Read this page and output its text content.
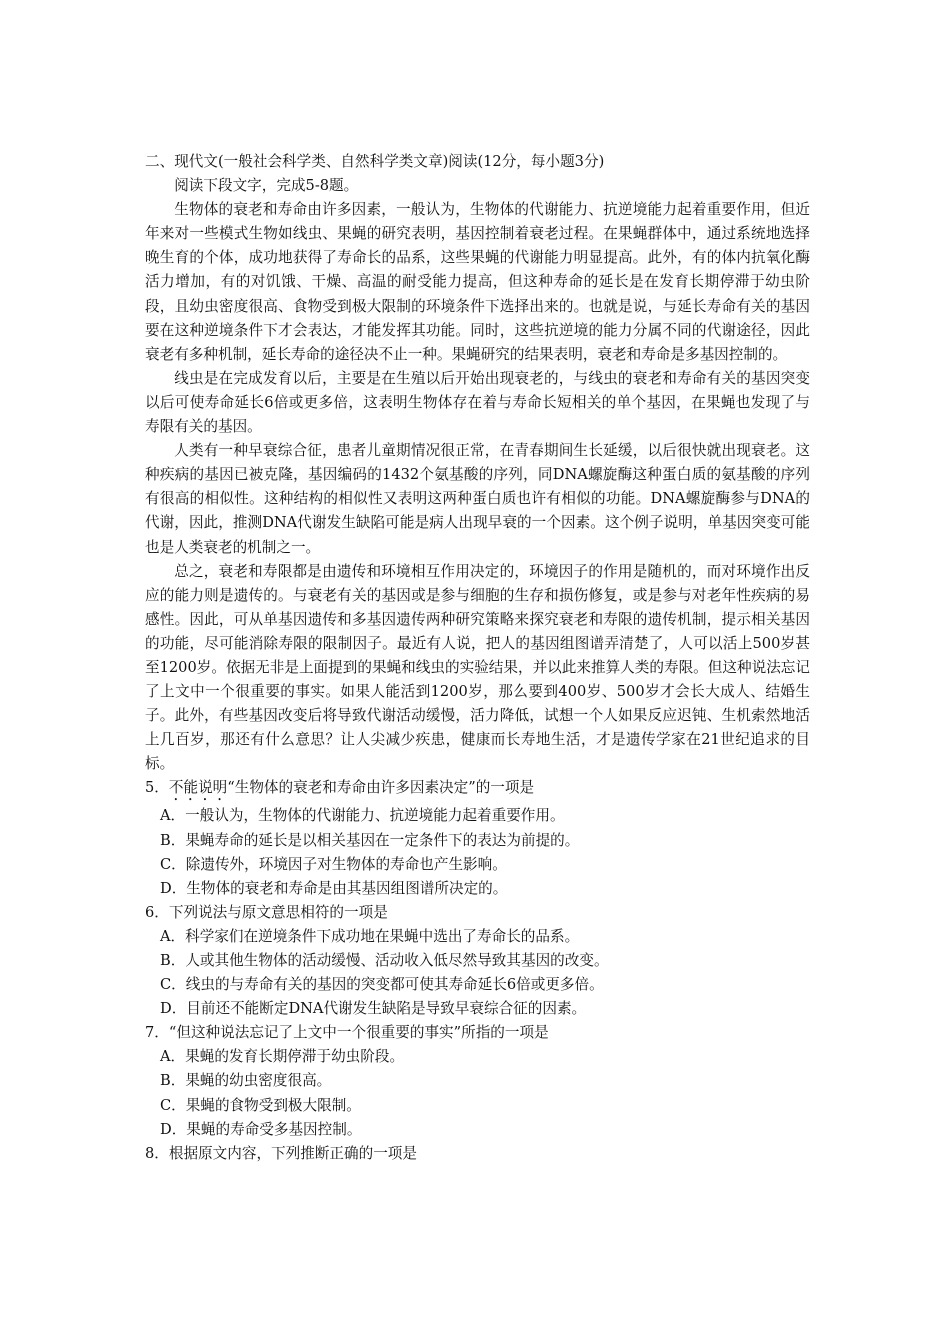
二、现代文(一般社会科学类、自然科学类文章)阅读(12分，每小题3分)
阅读下段文字，完成5-8题。
生物体的衰老和寿命由许多因素，一般认为，生物体的代谢能力、抗逆境能力起着重要作用，但近年来对一些模式生物如线虫、果蝇的研究表明，基因控制着衰老过程。在果蝇群体中，通过系统地选择晚生育的个体，成功地获得了寿命长的品系，这些果蝇的代谢能力明显提高。此外，有的体内抗氧化酶活力增加，有的对饥饿、干燥、高温的耐受能力提高，但这种寿命的延长是在发育长期停滞于幼虫阶段，且幼虫密度很高、食物受到极大限制的环境条件下选择出来的。也就是说，与延长寿命有关的基因要在这种逆境条件下才会表达，才能发挥其功能。同时，这些抗逆境的能力分属不同的代谢途径，因此衰老有多种机制，延长寿命的途径决不止一种。果蝇研究的结果表明，衰老和寿命是多基因控制的。
线虫是在完成发育以后，主要是在生殖以后开始出现衰老的，与线虫的衰老和寿命有关的基因突变以后可使寿命延长6倍或更多倍，这表明生物体存在着与寿命长短相关的单个基因，在果蝇也发现了与寿限有关的基因。
人类有一种早衰综合征，患者儿童期情况很正常，在青春期间生长延缓，以后很快就出现衰老。这种疾病的基因已被克隆，基因编码的1432个氨基酸的序列，同DNA螺旋酶这种蛋白质的氨基酸的序列有很高的相似性。这种结构的相似性又表明这两种蛋白质也许有相似的功能。DNA螺旋酶参与DNA的代谢，因此，推测DNA代谢发生缺陷可能是病人出现早衰的一个因素。这个例子说明，单基因突变可能也是人类衰老的机制之一。
总之，衰老和寿限都是由遗传和环境相互作用决定的，环境因子的作用是随机的，而对环境作出反应的能力则是遗传的。与衰老有关的基因或是参与细胞的生存和损伤修复，或是参与对老年性疾病的易感性。因此，可从单基因遗传和多基因遗传两种研究策略来探究衰老和寿限的遗传机制，提示相关基因的功能，尽可能消除寿限的限制因子。最近有人说，把人的基因组图谱弄清楚了，人可以活上500岁甚至1200岁。依据无非是上面提到的果蝇和线虫的实验结果，并以此来推算人类的寿限。但这种说法忘记了上文中一个很重要的事实。如果人能活到1200岁，那么要到400岁、500岁才会长大成人、结婚生子。此外，有些基因改变后将导致代谢活动缓慢，活力降低，试想一个人如果反应迟钝、生机索然地活上几百岁，那还有什么意思？让人尖减少疾患，健康而长寿地生活，才是遗传学家在21世纪追求的目标。
5．不能说明“生物体的衰老和寿命由许多因素决定”的一项是
A．一般认为，生物体的代谢能力、抗逆境能力起着重要作用。
B．果蝇寿命的延长是以相关基因在一定条件下的表达为前提的。
C．除遗传外，环境因子对生物体的寿命也产生影响。
D．生物体的衰老和寿命是由其基因组图谱所决定的。
6．下列说法与原文意思相符的一项是
A．科学家们在逆境条件下成功地在果蝇中选出了寿命长的品系。
B．人或其他生物体的活动缓慢、活动收入低尽然导致其基因的改变。
C．线虫的与寿命有关的基因的突变都可使其寿命延长6倍或更多倍。
D．目前还不能断定DNA代谢发生缺陷是导致早衰综合征的因素。
7．“但这种说法忘记了上文中一个很重要的事实”所指的一项是
A．果蝇的发育长期停滞于幼虫阶段。
B．果蝇的幼虫密度很高。
C．果蝇的食物受到极大限制。
D．果蝇的寿命受多基因控制。
8．根据原文内容，下列推断正确的一项是
